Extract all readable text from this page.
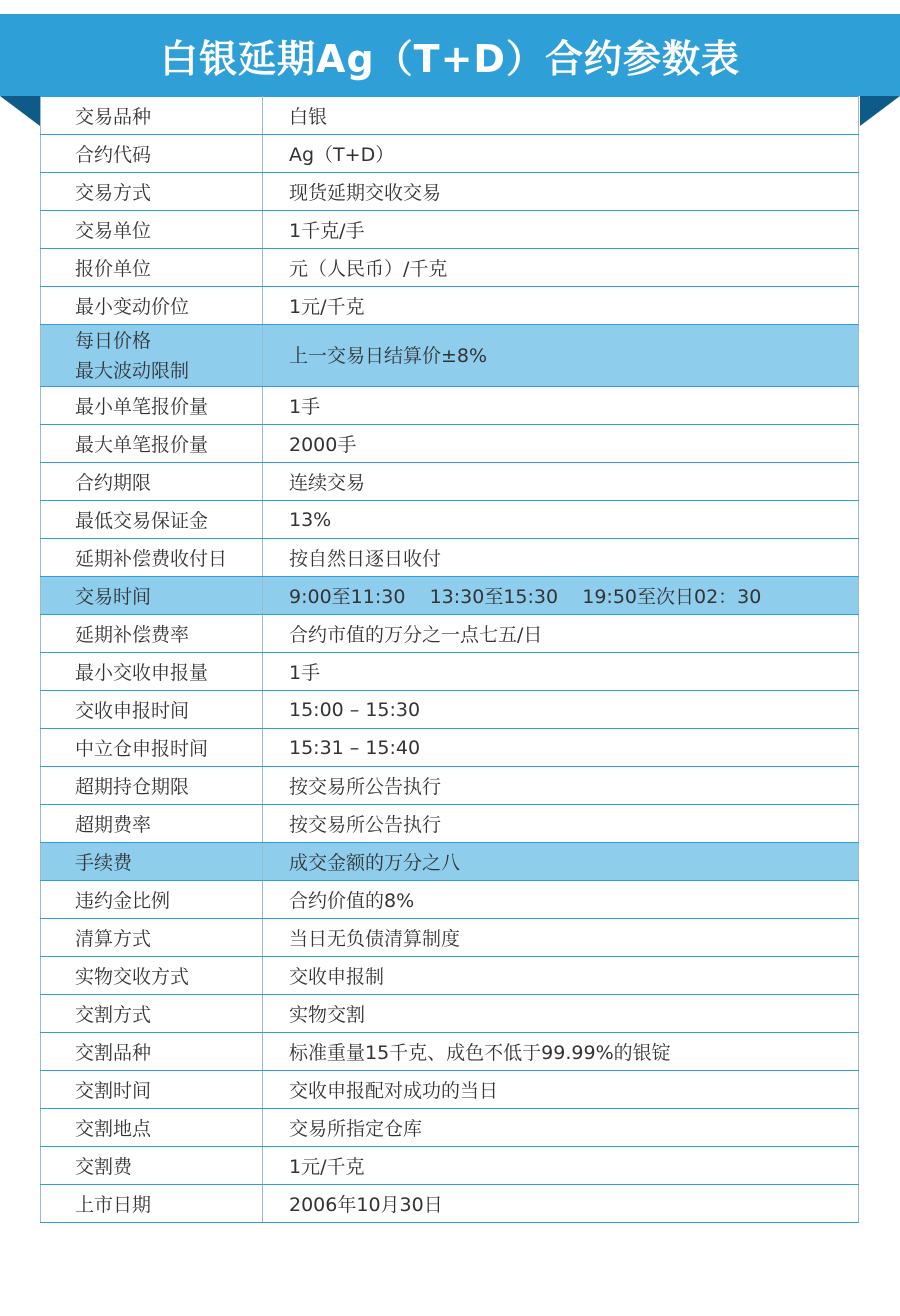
白银延期Ag（T+D）合约参数表
交易品种	白银
合约代码	Ag（T+D）
交易方式	现货延期交收交易
交易单位	1千克/手
报价单位	元（人民币）/千克
最小变动价位	1元/千克
每日价格
最大波动限制	上一交易日结算价±8%
最小单笔报价量	1手
最大单笔报价量	2000手
合约期限	连续交易
最低交易保证金	13%
延期补偿费收付日	按自然日逐日收付
交易时间	9:00至11:30    13:30至15:30    19:50至次日02：30
延期补偿费率	合约市值的万分之一点七五/日
最小交收申报量	1手
交收申报时间	15:00 – 15:30
中立仓申报时间	15:31 – 15:40
超期持仓期限	按交易所公告执行
超期费率	按交易所公告执行
手续费	成交金额的万分之八
违约金比例	合约价值的8%
清算方式	当日无负债清算制度
实物交收方式	交收申报制
交割方式	实物交割
交割品种	标准重量15千克、成色不低于99.99%的银锭
交割时间	交收申报配对成功的当日
交割地点	交易所指定仓库
交割费	1元/千克
上市日期	2006年10月30日
